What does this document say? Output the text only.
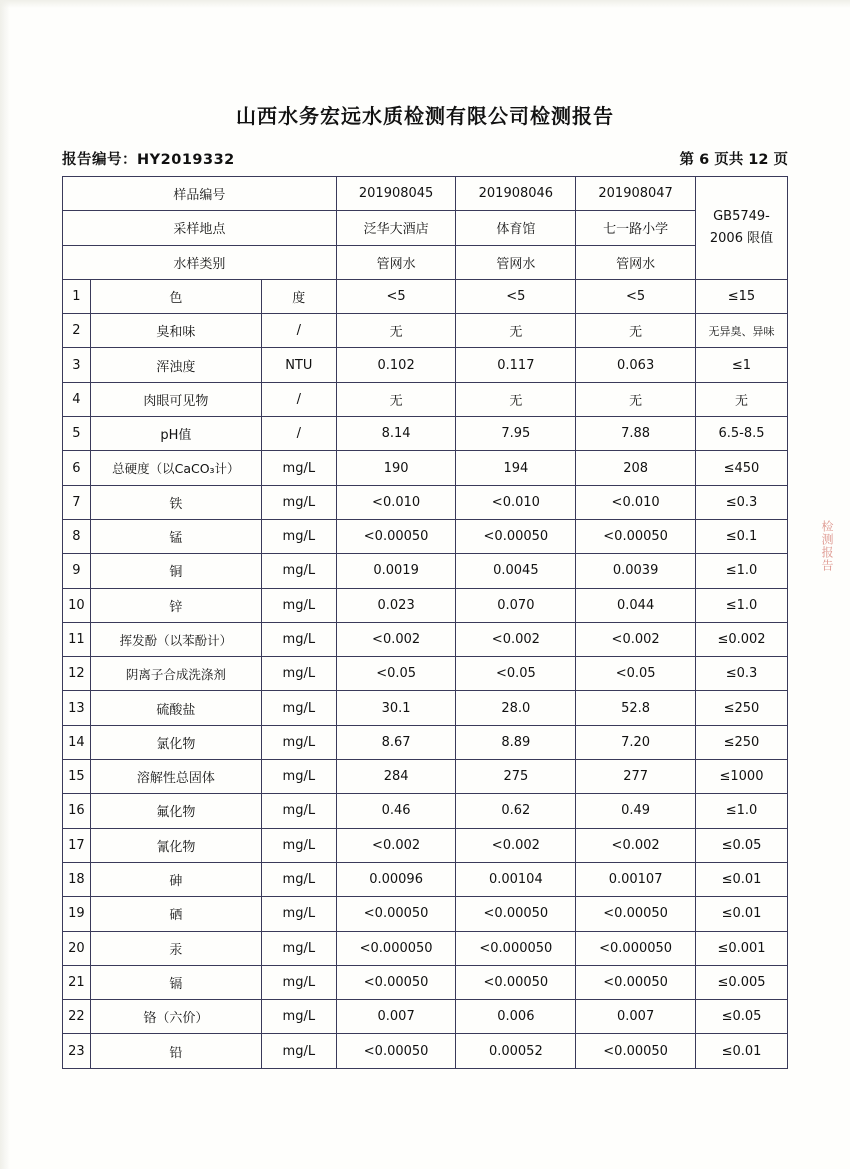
山西水务宏远水质检测有限公司检测报告
报告编号：HY2019332	第 6 页共 12 页
样品编号			201908045	201908046	201908047	GB5749-
2006 限值

采样地点			泛华大酒店	体育馆	七一路小学	
水样类别			管网水	管网水	管网水	
1	色	度	<5	<5	<5	≤15
2	臭和味	/	无	无	无	无异臭、异味
3	浑浊度	NTU	0.102	0.117	0.063	≤1
4	肉眼可见物	/	无	无	无	无
5	pH值	/	8.14	7.95	7.88	6.5-8.5
6	总硬度（以CaCO₃计）	mg/L	190	194	208	≤450
7	铁	mg/L	<0.010	<0.010	<0.010	≤0.3
8	锰	mg/L	<0.00050	<0.00050	<0.00050	≤0.1
9	铜	mg/L	0.0019	0.0045	0.0039	≤1.0
10	锌	mg/L	0.023	0.070	0.044	≤1.0
11	挥发酚（以苯酚计）	mg/L	<0.002	<0.002	<0.002	≤0.002
12	阴离子合成洗涤剂	mg/L	<0.05	<0.05	<0.05	≤0.3
13	硫酸盐	mg/L	30.1	28.0	52.8	≤250
14	氯化物	mg/L	8.67	8.89	7.20	≤250
15	溶解性总固体	mg/L	284	275	277	≤1000
16	氟化物	mg/L	0.46	0.62	0.49	≤1.0
17	氰化物	mg/L	<0.002	<0.002	<0.002	≤0.05
18	砷	mg/L	0.00096	0.00104	0.00107	≤0.01
19	硒	mg/L	<0.00050	<0.00050	<0.00050	≤0.01
20	汞	mg/L	<0.000050	<0.000050	<0.000050	≤0.001
21	镉	mg/L	<0.00050	<0.00050	<0.00050	≤0.005
22	铬（六价）	mg/L	0.007	0.006	0.007	≤0.05
23	铅	mg/L	<0.00050	0.00052	<0.00050	≤0.01
检测报告
